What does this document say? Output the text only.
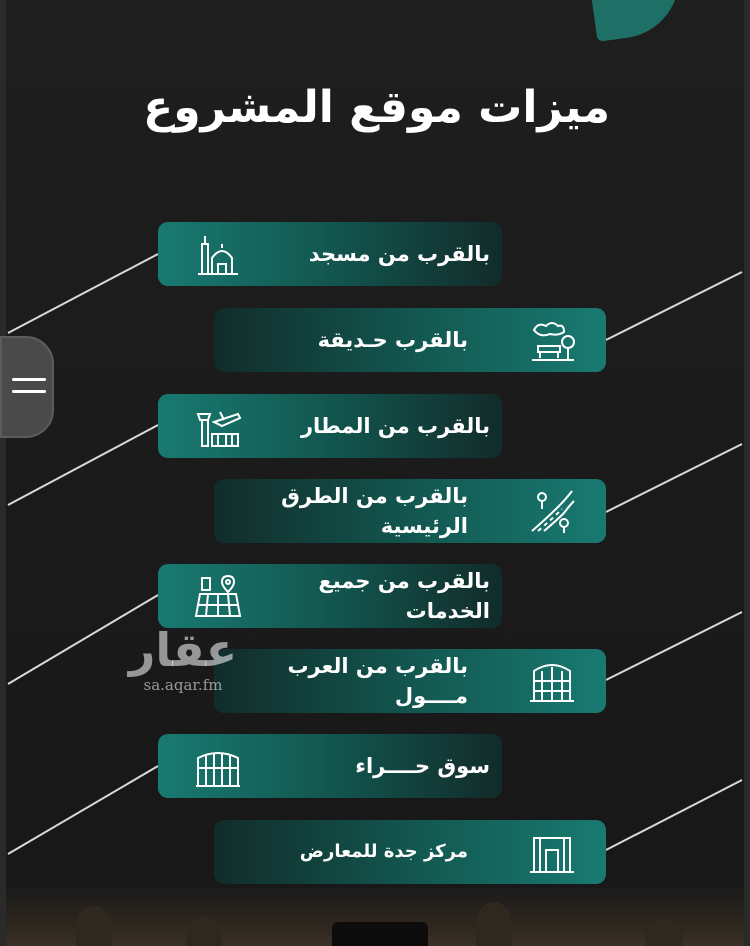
ميزات موقع المشروع
بالقرب من مسجد
بالقرب حـديقة
بالقرب من المطار
بالقرب من الطرق الرئيسية
بالقرب من جميع الخدمات
بالقرب من العرب مــــول
سوق حــــراء
مركز جدة للمعارض
عقار
sa.aqar.fm
